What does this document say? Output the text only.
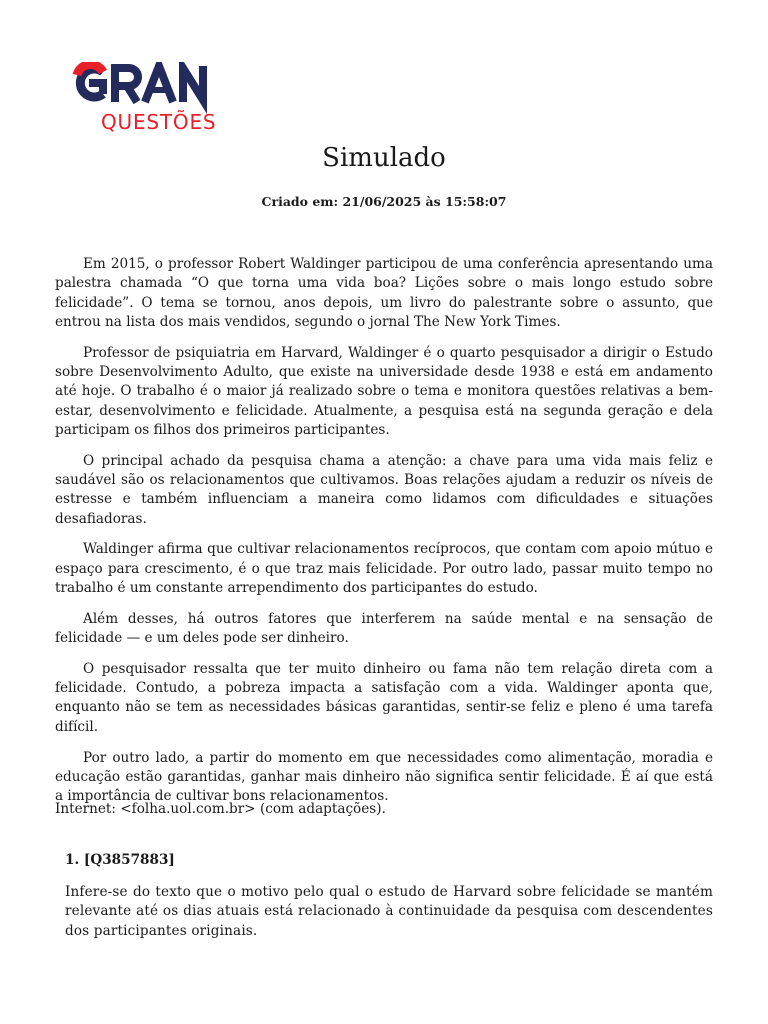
QUESTÕES
Simulado
Criado em: 21/06/2025 às 15:58:07

Em 2015, o professor Robert Waldinger participou de uma conferência apresentando uma palestra chamada “O que torna uma vida boa? Lições sobre o mais longo estudo sobre felicidade”. O tema se tornou, anos depois, um livro do palestrante sobre o assunto, que entrou na lista dos mais vendidos, segundo o jornal The New York Times.

Professor de psiquiatria em Harvard, Waldinger é o quarto pesquisador a dirigir o Estudo sobre Desenvolvimento Adulto, que existe na universidade desde 1938 e está em andamento até hoje. O trabalho é o maior já realizado sobre o tema e monitora questões relativas a bem-estar, desenvolvimento e felicidade. Atualmente, a pesquisa está na segunda geração e dela participam os filhos dos primeiros participantes.

O principal achado da pesquisa chama a atenção: a chave para uma vida mais feliz e saudável são os relacionamentos que cultivamos. Boas relações ajudam a reduzir os níveis de estresse e também influenciam a maneira como lidamos com dificuldades e situações desafiadoras.

Waldinger afirma que cultivar relacionamentos recíprocos, que contam com apoio mútuo e espaço para crescimento, é o que traz mais felicidade. Por outro lado, passar muito tempo no trabalho é um constante arrependimento dos participantes do estudo.

Além desses, há outros fatores que interferem na saúde mental e na sensação de felicidade — e um deles pode ser dinheiro.

O pesquisador ressalta que ter muito dinheiro ou fama não tem relação direta com a felicidade. Contudo, a pobreza impacta a satisfação com a vida. Waldinger aponta que, enquanto não se tem as necessidades básicas garantidas, sentir-se feliz e pleno é uma tarefa difícil.

Por outro lado, a partir do momento em que necessidades como alimentação, moradia e educação estão garantidas, ganhar mais dinheiro não significa sentir felicidade. É aí que está a importância de cultivar bons relacionamentos.

Internet: <folha.uol.com.br> (com adaptações).
1. [Q3857883]

Infere-se do texto que o motivo pelo qual o estudo de Harvard sobre felicidade se mantém relevante até os dias atuais está relacionado à continuidade da pesquisa com descendentes dos participantes originais.
